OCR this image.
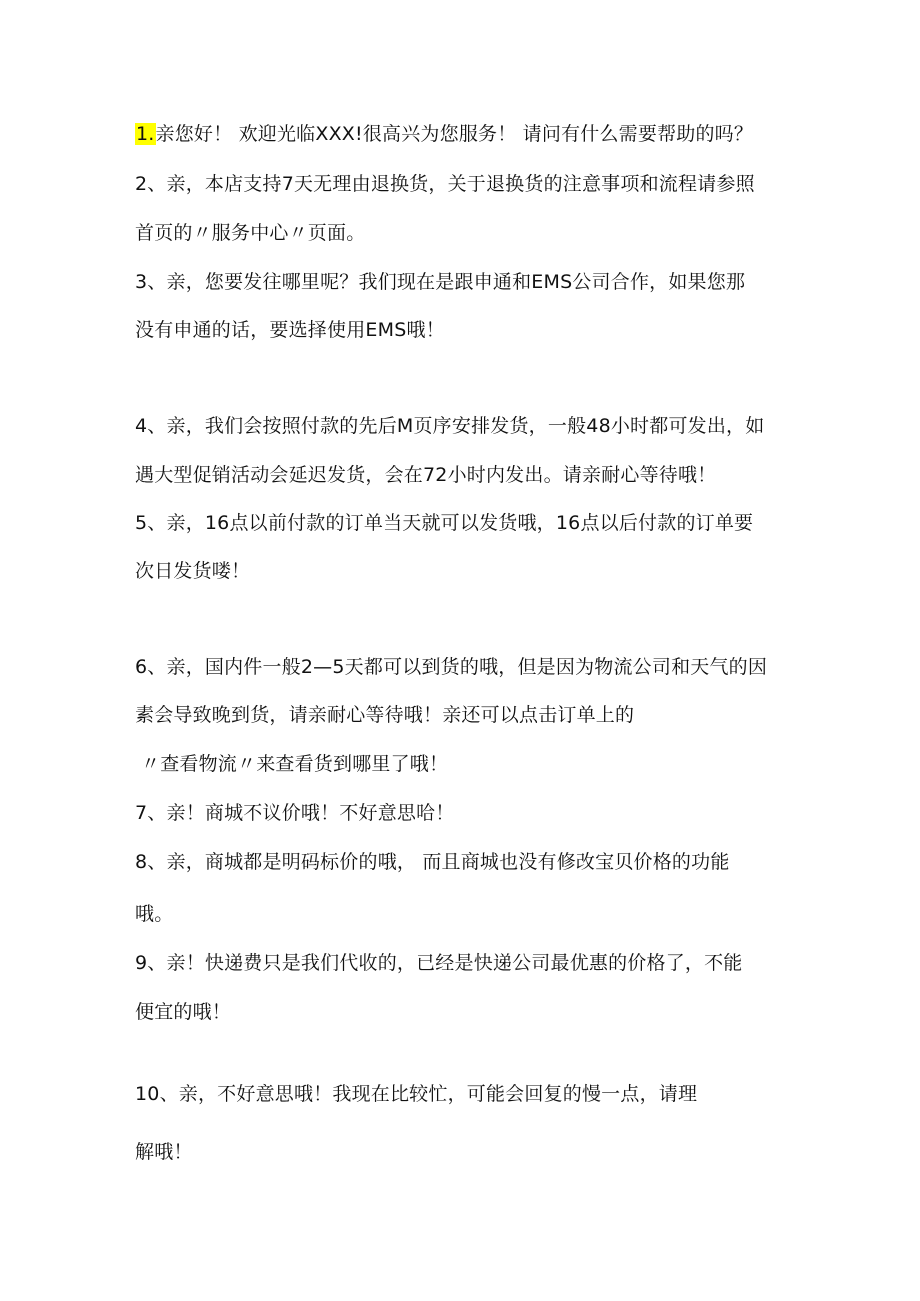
1.亲您好！ 欢迎光临XXX!很高兴为您服务！ 请问有什么需要帮助的吗？

2、亲，本店支持7天无理由退换货，关于退换货的注意事项和流程请参照

首页的〃服务中心〃页面。

3、亲，您要发往哪里呢？我们现在是跟申通和EMS公司合作，如果您那

没有申通的话，要选择使用EMS哦！

4、亲，我们会按照付款的先后M页序安排发货，一般48小时都可发出，如

遇大型促销活动会延迟发货，会在72小时内发出。请亲耐心等待哦！

5、亲，16点以前付款的订单当天就可以发货哦，16点以后付款的订单要

次日发货喽！

6、亲，国内件一般2—5天都可以到货的哦，但是因为物流公司和天气的因

素会导致晚到货，请亲耐心等待哦！亲还可以点击订单上的

〃查看物流〃来查看货到哪里了哦！

7、亲！商城不议价哦！不好意思哈！

8、亲，商城都是明码标价的哦， 而且商城也没有修改宝贝价格的功能

哦。

9、亲！快递费只是我们代收的，已经是快递公司最优惠的价格了，不能

便宜的哦！

10、亲，不好意思哦！我现在比较忙，可能会回复的慢一点，请理

解哦！
